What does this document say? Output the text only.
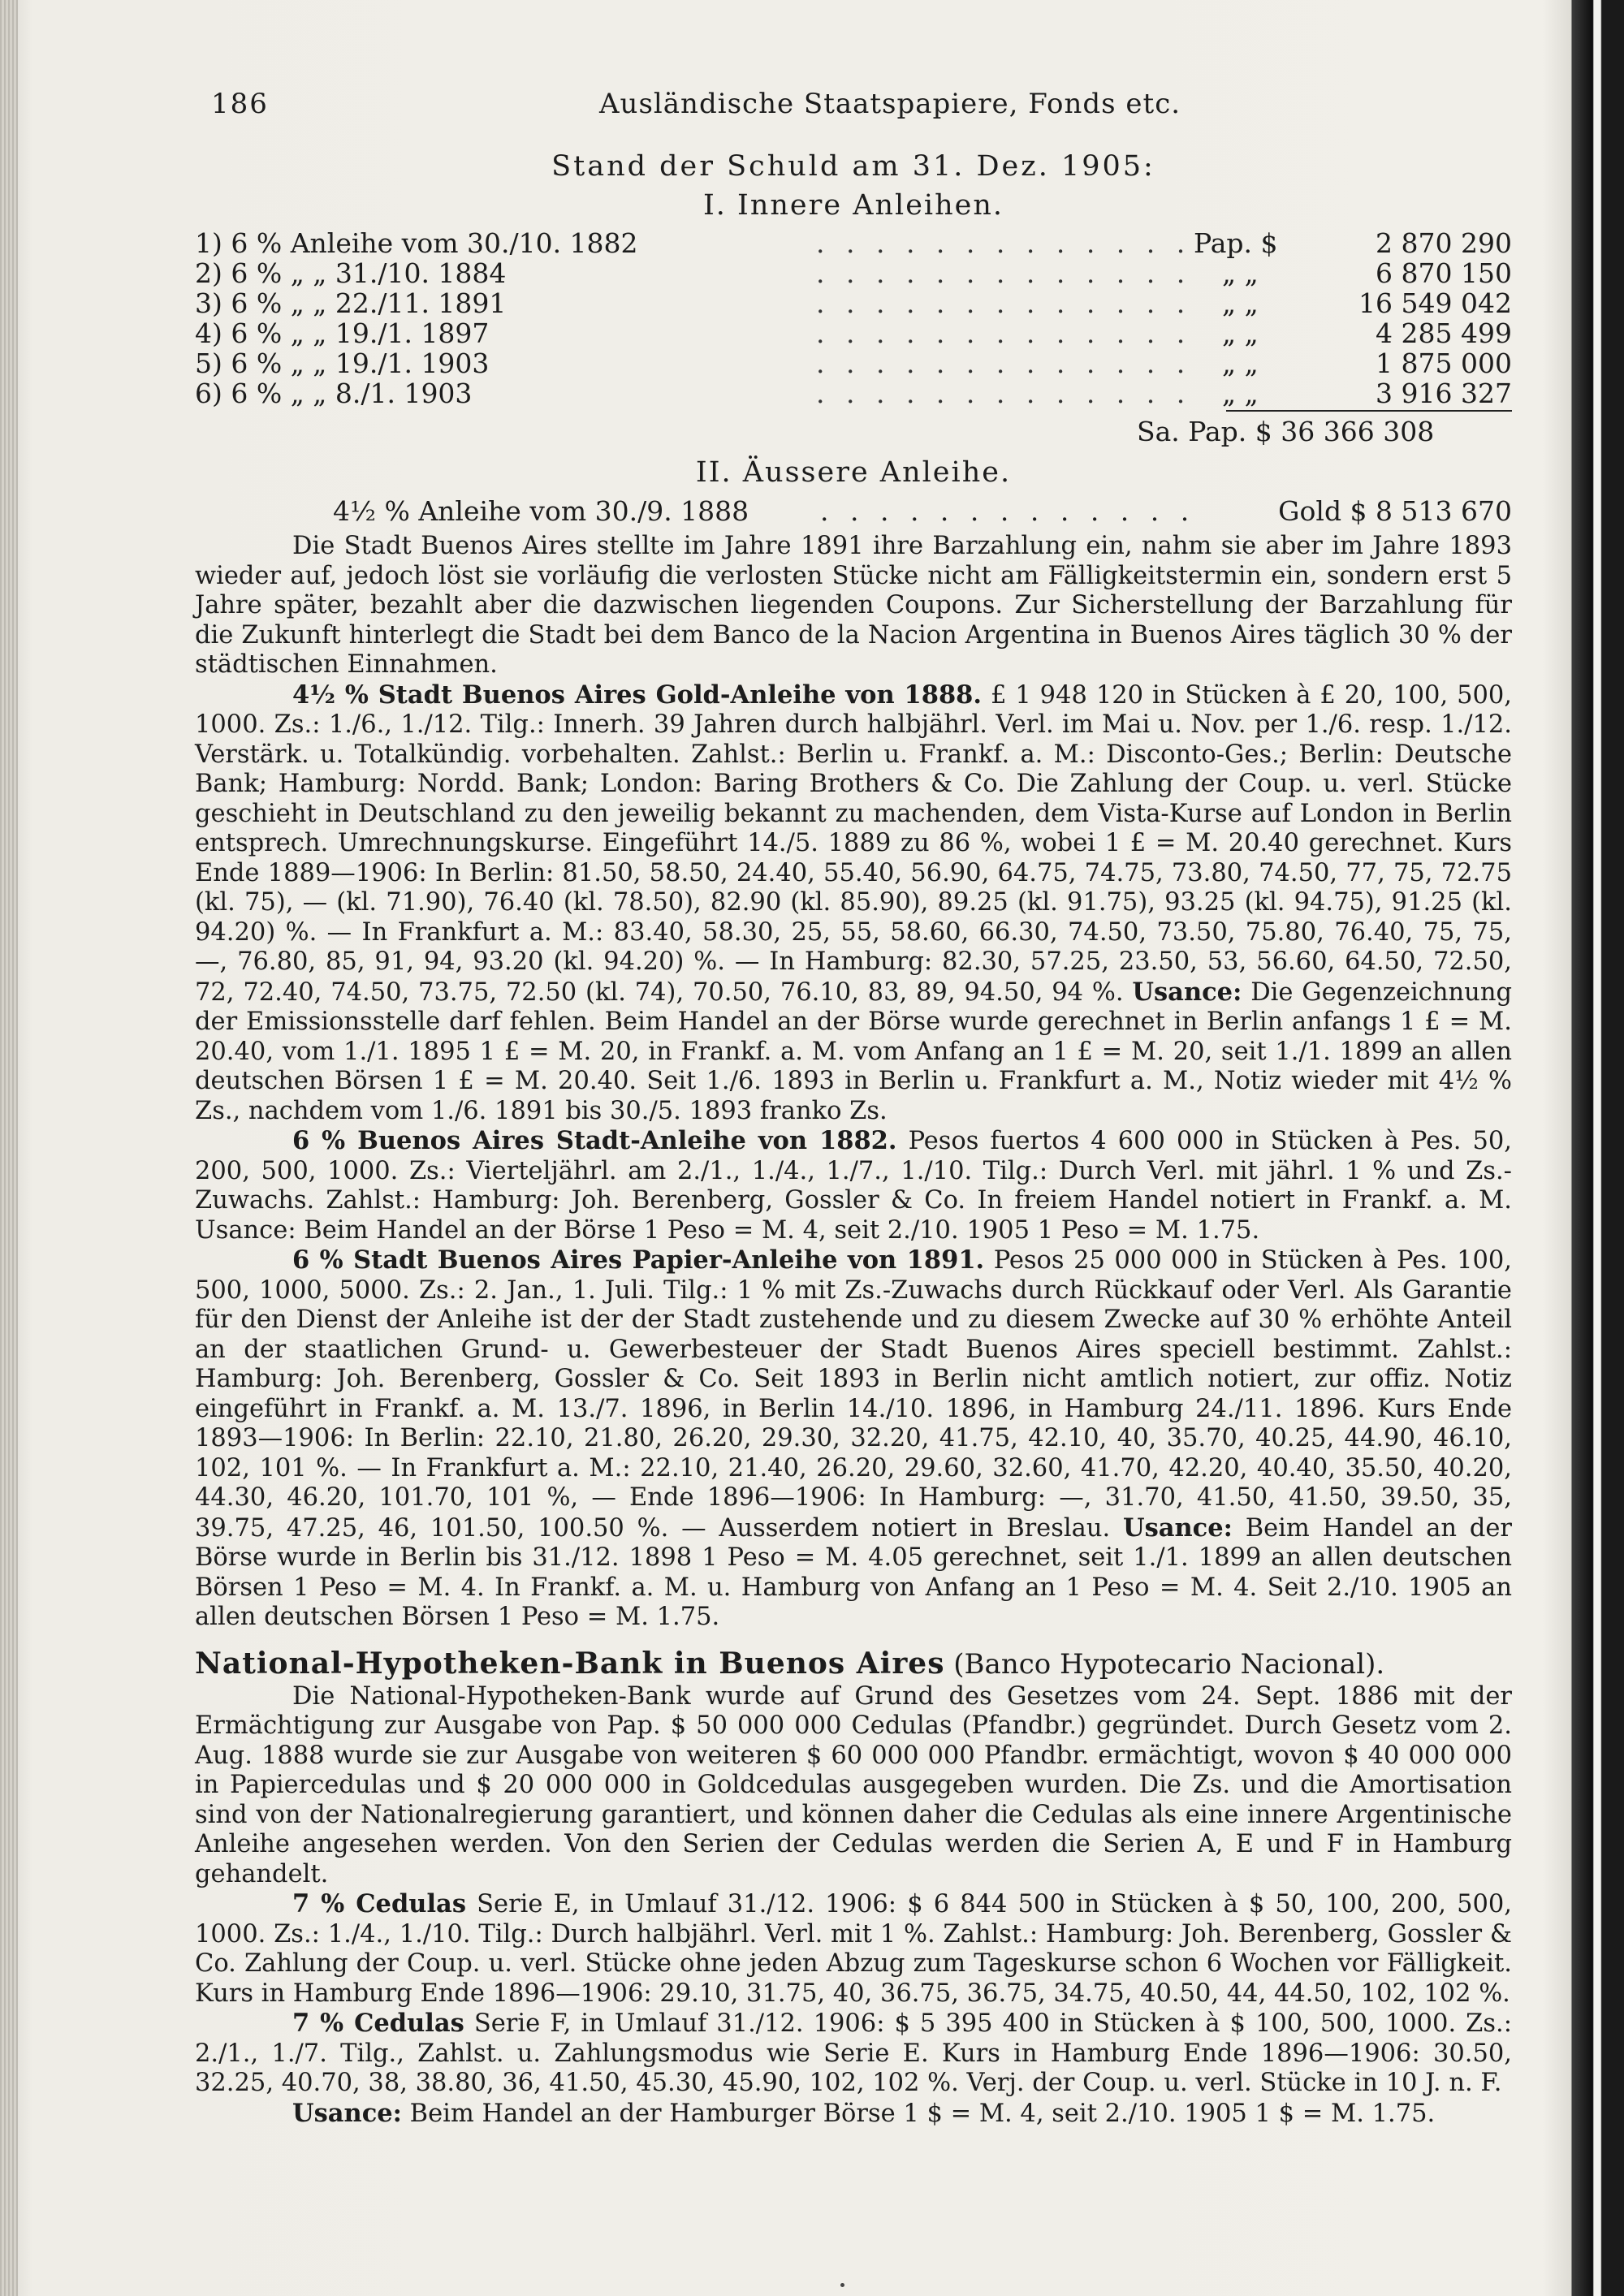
186	Ausländische Staatspapiere, Fonds etc.
Stand der Schuld am 31. Dez. 1905:
I. Innere Anleihen.
1) 6 % Anleihe vom 30./10. 1882	. . . . . . . . . . . . . Pap. $	2 870 290
2) 6 % „ „ 31./10. 1884	. . . . . . . . . . . . . „ „	6 870 150
3) 6 % „ „ 22./11. 1891	. . . . . . . . . . . . . „ „	16 549 042
4) 6 % „ „ 19./1. 1897	. . . . . . . . . . . . . „ „	4 285 499
5) 6 % „ „ 19./1. 1903	. . . . . . . . . . . . . „ „	1 875 000
6) 6 % „ „ 8./1. 1903	. . . . . . . . . . . . . „ „	3 916 327
Sa. Pap. $ 36 366 308
II. Äussere Anleihe.
4½ % Anleihe vom 30./9. 1888	. . . . . . . . . . . . .	Gold $ 8 513 670

Die Stadt Buenos Aires stellte im Jahre 1891 ihre Barzahlung ein, nahm sie aber im Jahre 1893 wieder auf, jedoch löst sie vorläufig die verlosten Stücke nicht am Fälligkeitstermin ein, sondern erst 5 Jahre später, bezahlt aber die dazwischen liegenden Coupons. Zur Sicherstellung der Barzahlung für die Zukunft hinterlegt die Stadt bei dem Banco de la Nacion Argentina in Buenos Aires täglich 30 % der städtischen Einnahmen.

4½ % Stadt Buenos Aires Gold-Anleihe von 1888. £ 1 948 120 in Stücken à £ 20, 100, 500, 1000. Zs.: 1./6., 1./12. Tilg.: Innerh. 39 Jahren durch halbjährl. Verl. im Mai u. Nov. per 1./6. resp. 1./12. Verstärk. u. Totalkündig. vorbehalten. Zahlst.: Berlin u. Frankf. a. M.: Disconto-Ges.; Berlin: Deutsche Bank; Hamburg: Nordd. Bank; London: Baring Brothers & Co. Die Zahlung der Coup. u. verl. Stücke geschieht in Deutschland zu den jeweilig bekannt zu machenden, dem Vista-Kurse auf London in Berlin entsprech. Umrechnungskurse. Eingeführt 14./5. 1889 zu 86 %, wobei 1 £ = M. 20.40 gerechnet. Kurs Ende 1889—1906: In Berlin: 81.50, 58.50, 24.40, 55.40, 56.90, 64.75, 74.75, 73.80, 74.50, 77, 75, 72.75 (kl. 75), — (kl. 71.90), 76.40 (kl. 78.50), 82.90 (kl. 85.90), 89.25 (kl. 91.75), 93.25 (kl. 94.75), 91.25 (kl. 94.20) %. — In Frankfurt a. M.: 83.40, 58.30, 25, 55, 58.60, 66.30, 74.50, 73.50, 75.80, 76.40, 75, 75, —, 76.80, 85, 91, 94, 93.20 (kl. 94.20) %. — In Hamburg: 82.30, 57.25, 23.50, 53, 56.60, 64.50, 72.50, 72, 72.40, 74.50, 73.75, 72.50 (kl. 74), 70.50, 76.10, 83, 89, 94.50, 94 %. Usance: Die Gegenzeichnung der Emissionsstelle darf fehlen. Beim Handel an der Börse wurde gerechnet in Berlin anfangs 1 £ = M. 20.40, vom 1./1. 1895 1 £ = M. 20, in Frankf. a. M. vom Anfang an 1 £ = M. 20, seit 1./1. 1899 an allen deutschen Börsen 1 £ = M. 20.40. Seit 1./6. 1893 in Berlin u. Frankfurt a. M., Notiz wieder mit 4½ % Zs., nachdem vom 1./6. 1891 bis 30./5. 1893 franko Zs.

6 % Buenos Aires Stadt-Anleihe von 1882. Pesos fuertos 4 600 000 in Stücken à Pes. 50, 200, 500, 1000. Zs.: Vierteljährl. am 2./1., 1./4., 1./7., 1./10. Tilg.: Durch Verl. mit jährl. 1 % und Zs.-Zuwachs. Zahlst.: Hamburg: Joh. Berenberg, Gossler & Co. In freiem Handel notiert in Frankf. a. M. Usance: Beim Handel an der Börse 1 Peso = M. 4, seit 2./10. 1905 1 Peso = M. 1.75.

6 % Stadt Buenos Aires Papier-Anleihe von 1891. Pesos 25 000 000 in Stücken à Pes. 100, 500, 1000, 5000. Zs.: 2. Jan., 1. Juli. Tilg.: 1 % mit Zs.-Zuwachs durch Rückkauf oder Verl. Als Garantie für den Dienst der Anleihe ist der der Stadt zustehende und zu diesem Zwecke auf 30 % erhöhte Anteil an der staatlichen Grund- u. Gewerbesteuer der Stadt Buenos Aires speciell bestimmt. Zahlst.: Hamburg: Joh. Berenberg, Gossler & Co. Seit 1893 in Berlin nicht amtlich notiert, zur offiz. Notiz eingeführt in Frankf. a. M. 13./7. 1896, in Berlin 14./10. 1896, in Hamburg 24./11. 1896. Kurs Ende 1893—1906: In Berlin: 22.10, 21.80, 26.20, 29.30, 32.20, 41.75, 42.10, 40, 35.70, 40.25, 44.90, 46.10, 102, 101 %. — In Frankfurt a. M.: 22.10, 21.40, 26.20, 29.60, 32.60, 41.70, 42.20, 40.40, 35.50, 40.20, 44.30, 46.20, 101.70, 101 %, — Ende 1896—1906: In Hamburg: —, 31.70, 41.50, 41.50, 39.50, 35, 39.75, 47.25, 46, 101.50, 100.50 %. — Ausserdem notiert in Breslau. Usance: Beim Handel an der Börse wurde in Berlin bis 31./12. 1898 1 Peso = M. 4.05 gerechnet, seit 1./1. 1899 an allen deutschen Börsen 1 Peso = M. 4. In Frankf. a. M. u. Hamburg von Anfang an 1 Peso = M. 4. Seit 2./10. 1905 an allen deutschen Börsen 1 Peso = M. 1.75.

National-Hypotheken-Bank in Buenos Aires (Banco Hypotecario Nacional).

Die National-Hypotheken-Bank wurde auf Grund des Gesetzes vom 24. Sept. 1886 mit der Ermächtigung zur Ausgabe von Pap. $ 50 000 000 Cedulas (Pfandbr.) gegründet. Durch Gesetz vom 2. Aug. 1888 wurde sie zur Ausgabe von weiteren $ 60 000 000 Pfandbr. ermächtigt, wovon $ 40 000 000 in Papiercedulas und $ 20 000 000 in Goldcedulas ausgegeben wurden. Die Zs. und die Amortisation sind von der Nationalregierung garantiert, und können daher die Cedulas als eine innere Argentinische Anleihe angesehen werden. Von den Serien der Cedulas werden die Serien A, E und F in Hamburg gehandelt.

7 % Cedulas Serie E, in Umlauf 31./12. 1906: $ 6 844 500 in Stücken à $ 50, 100, 200, 500, 1000. Zs.: 1./4., 1./10. Tilg.: Durch halbjährl. Verl. mit 1 %. Zahlst.: Hamburg: Joh. Berenberg, Gossler & Co. Zahlung der Coup. u. verl. Stücke ohne jeden Abzug zum Tageskurse schon 6 Wochen vor Fälligkeit. Kurs in Hamburg Ende 1896—1906: 29.10, 31.75, 40, 36.75, 36.75, 34.75, 40.50, 44, 44.50, 102, 102 %.

7 % Cedulas Serie F, in Umlauf 31./12. 1906: $ 5 395 400 in Stücken à $ 100, 500, 1000. Zs.: 2./1., 1./7. Tilg., Zahlst. u. Zahlungsmodus wie Serie E. Kurs in Hamburg Ende 1896—1906: 30.50, 32.25, 40.70, 38, 38.80, 36, 41.50, 45.30, 45.90, 102, 102 %. Verj. der Coup. u. verl. Stücke in 10 J. n. F.

Usance: Beim Handel an der Hamburger Börse 1 $ = M. 4, seit 2./10. 1905 1 $ = M. 1.75.
